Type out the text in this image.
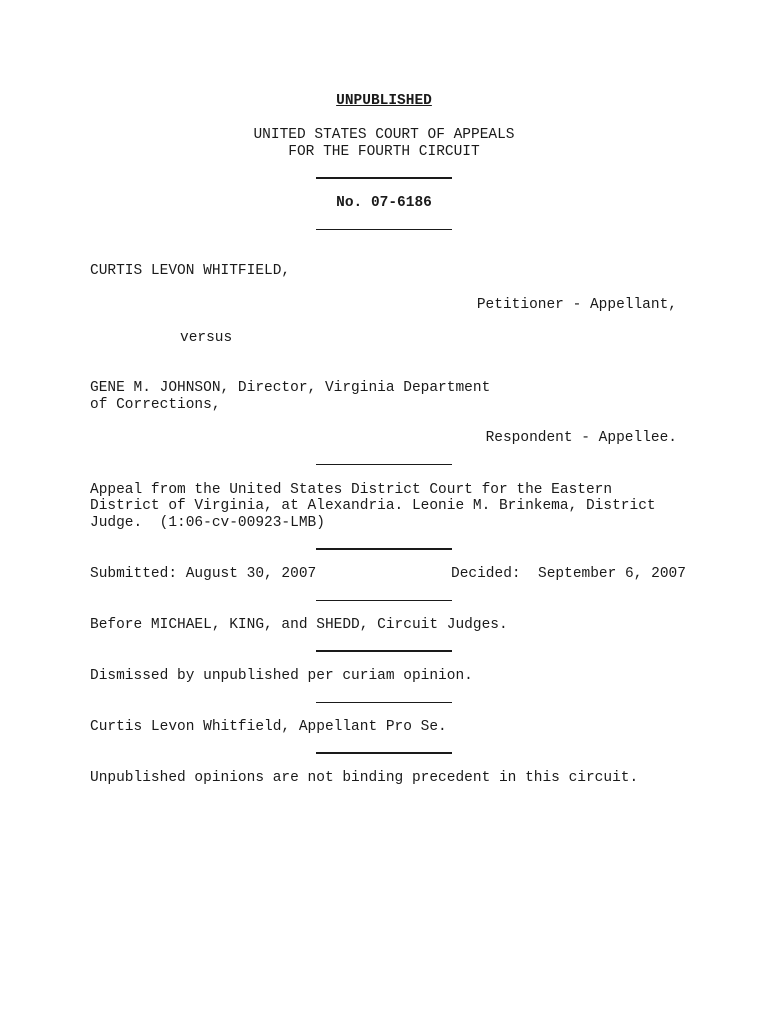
UNPUBLISHED
UNITED STATES COURT OF APPEALS
FOR THE FOURTH CIRCUIT
No. 07-6186
CURTIS LEVON WHITFIELD,
Petitioner - Appellant,
versus
GENE M. JOHNSON, Director, Virginia Department
of Corrections,
Respondent - Appellee.
Appeal from the United States District Court for the Eastern
District of Virginia, at Alexandria. Leonie M. Brinkema, District
Judge.  (1:06-cv-00923-LMB)
Submitted: August 30, 2007	Decided:  September 6, 2007
Before MICHAEL, KING, and SHEDD, Circuit Judges.
Dismissed by unpublished per curiam opinion.
Curtis Levon Whitfield, Appellant Pro Se.
Unpublished opinions are not binding precedent in this circuit.
